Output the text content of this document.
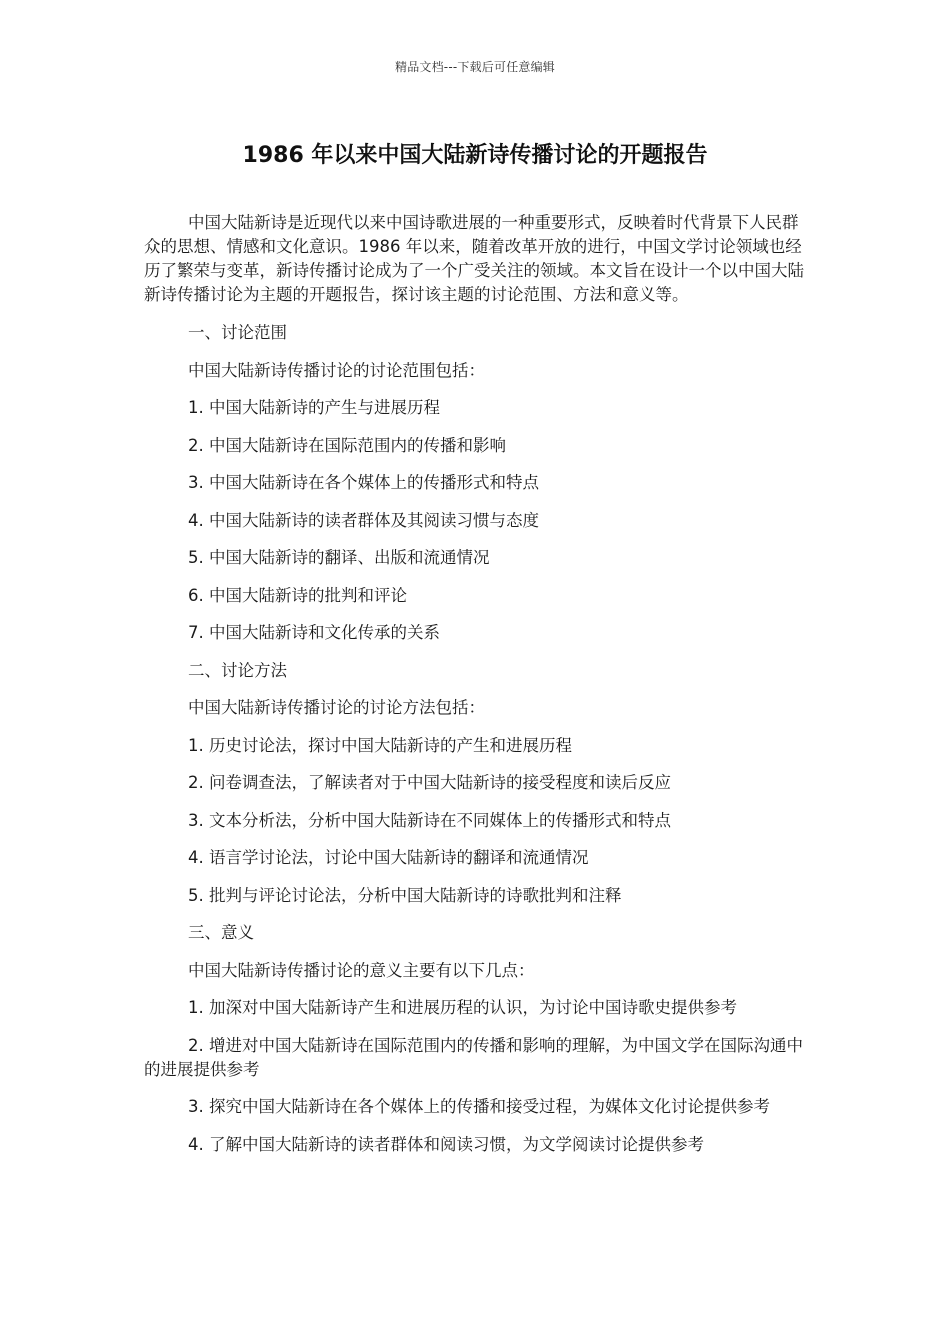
精品文档---下载后可任意编辑
1986 年以来中国大陆新诗传播讨论的开题报告

中国大陆新诗是近现代以来中国诗歌进展的一种重要形式，反映着时代背景下人民群众的思想、情感和文化意识。1986 年以来，随着改革开放的进行，中国文学讨论领域也经历了繁荣与变革，新诗传播讨论成为了一个广受关注的领域。本文旨在设计一个以中国大陆新诗传播讨论为主题的开题报告，探讨该主题的讨论范围、方法和意义等。

一、讨论范围

中国大陆新诗传播讨论的讨论范围包括：

1. 中国大陆新诗的产生与进展历程

2. 中国大陆新诗在国际范围内的传播和影响

3. 中国大陆新诗在各个媒体上的传播形式和特点

4. 中国大陆新诗的读者群体及其阅读习惯与态度

5. 中国大陆新诗的翻译、出版和流通情况

6. 中国大陆新诗的批判和评论

7. 中国大陆新诗和文化传承的关系

二、讨论方法

中国大陆新诗传播讨论的讨论方法包括：

1. 历史讨论法，探讨中国大陆新诗的产生和进展历程

2. 问卷调查法，了解读者对于中国大陆新诗的接受程度和读后反应

3. 文本分析法，分析中国大陆新诗在不同媒体上的传播形式和特点

4. 语言学讨论法，讨论中国大陆新诗的翻译和流通情况

5. 批判与评论讨论法，分析中国大陆新诗的诗歌批判和注释

三、意义

中国大陆新诗传播讨论的意义主要有以下几点：

1. 加深对中国大陆新诗产生和进展历程的认识，为讨论中国诗歌史提供参考

2. 增进对中国大陆新诗在国际范围内的传播和影响的理解，为中国文学在国际沟通中的进展提供参考

3. 探究中国大陆新诗在各个媒体上的传播和接受过程，为媒体文化讨论提供参考

4. 了解中国大陆新诗的读者群体和阅读习惯，为文学阅读讨论提供参考
